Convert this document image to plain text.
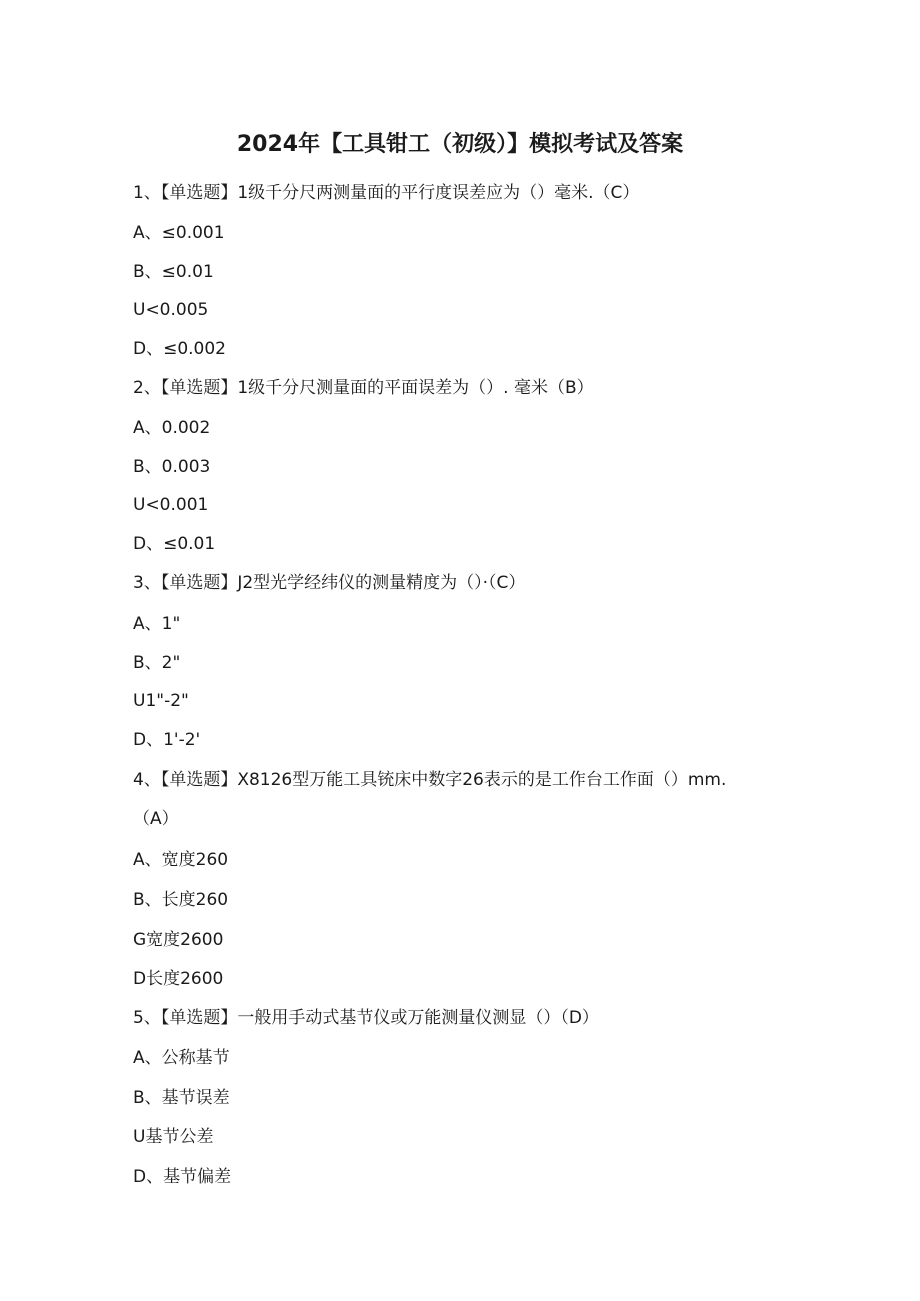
2024年【工具钳工（初级）】模拟考试及答案
1、【单选题】1级千分尺两测量面的平行度误差应为（）毫米.（C）
A、≤0.001
B、≤0.01
U<0.005
D、≤0.002
2、【单选题】1级千分尺测量面的平面误差为（）. 毫米（B）
A、0.002
B、0.003
U<0.001
D、≤0.01
3、【单选题】J2型光学经纬仪的测量精度为（）·（C）
A、1"
B、2"
U1"-2"
D、1'-2'
4、【单选题】X8126型万能工具铳床中数字26表示的是工作台工作面（）mm.
（A）
A、宽度260
B、长度260
G宽度2600
D长度2600
5、【单选题】一般用手动式基节仪或万能测量仪测显（）（D）
A、公称基节
B、基节误差
U基节公差
D、基节偏差
